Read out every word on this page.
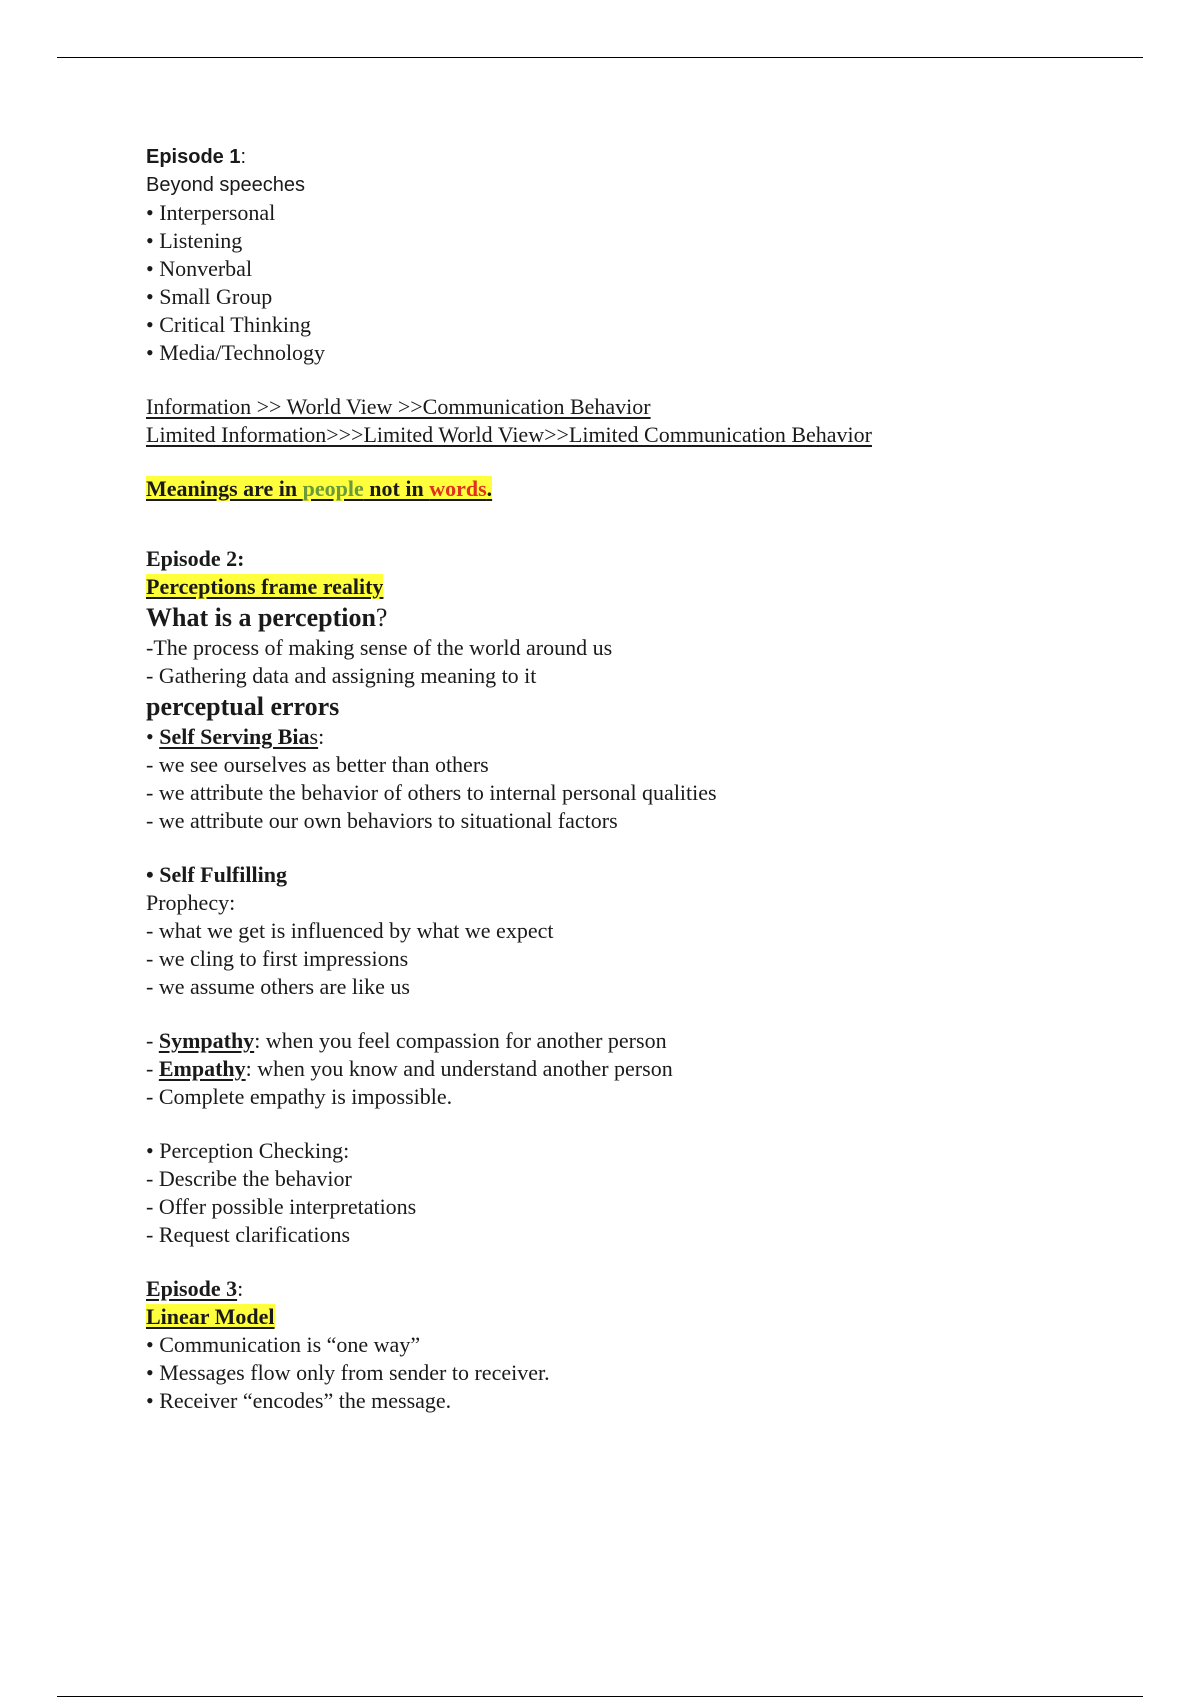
Episode 1:
Beyond speeches
• Interpersonal
• Listening
• Nonverbal
• Small Group
• Critical Thinking
• Media/Technology
Information >> World View >>Communication Behavior
Limited Information>>>Limited World View>>Limited Communication Behavior
Meanings are in people not in words.
Episode 2:
Perceptions frame reality
What is a perception?
-The process of making sense of the world around us
- Gathering data and assigning meaning to it
perceptual errors
• Self Serving Bias:
- we see ourselves as better than others
- we attribute the behavior of others to internal personal qualities
- we attribute our own behaviors to situational factors
• Self Fulfilling
Prophecy:
- what we get is influenced by what we expect
- we cling to first impressions
- we assume others are like us
- Sympathy: when you feel compassion for another person
- Empathy: when you know and understand another person
- Complete empathy is impossible.
• Perception Checking:
- Describe the behavior
- Offer possible interpretations
- Request clarifications
Episode 3:
Linear Model
• Communication is “one way”
• Messages flow only from sender to receiver.
• Receiver “encodes” the message.
